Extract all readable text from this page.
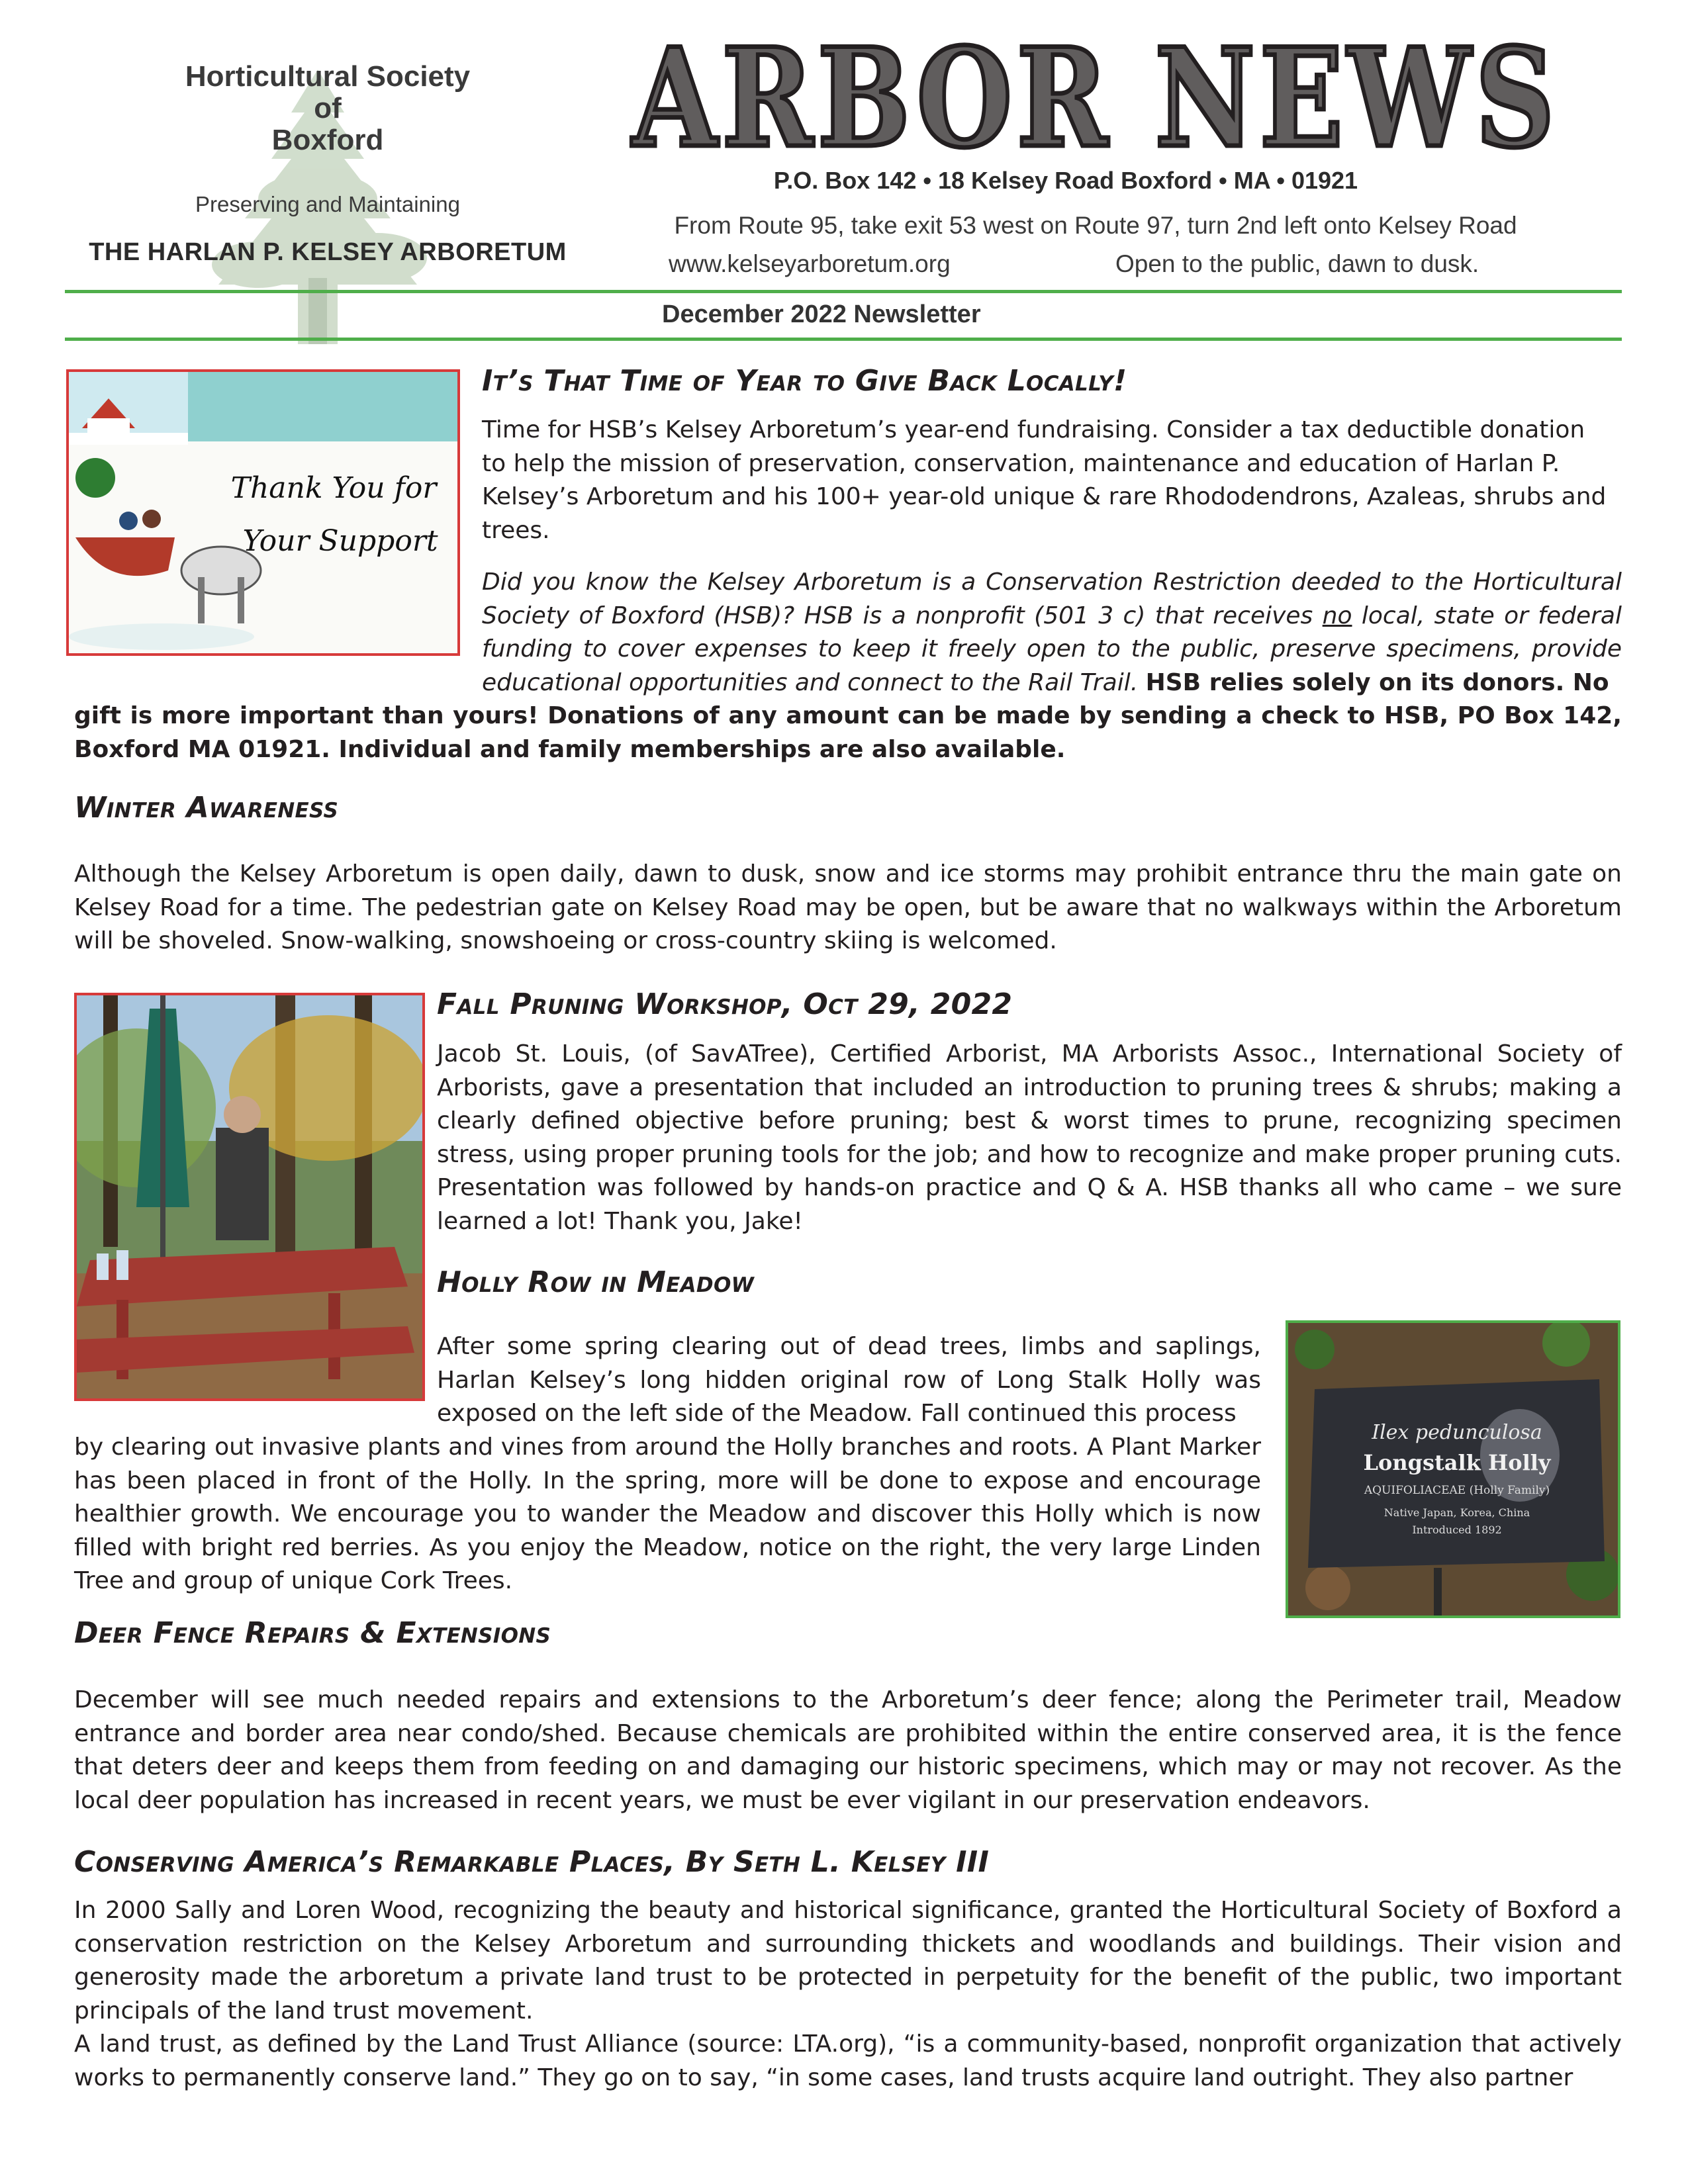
Horticultural Society
of
Boxford
Preserving and Maintaining
THE HARLAN P. KELSEY ARBORETUM
ARBOR NEWS
ARBOR NEWS
P.O. Box 142 • 18 Kelsey Road Boxford • MA • 01921
From Route 95, take exit 53 west on Route 97, turn 2nd left onto Kelsey Road
www.kelseyarboretum.org	Open to the public, dawn to dusk.
December 2022 Newsletter
Thank You for
Your Support
It’s That Time of Year to Give Back Locally!
Time for HSB’s Kelsey Arboretum’s year-end fundraising. Consider a tax deductible donation
to help the mission of preservation, conservation, maintenance and education of Harlan P.
Kelsey’s Arboretum and his 100+ year-old unique & rare Rhododendrons, Azaleas, shrubs and
trees.

Did you know the Kelsey Arboretum is a Conservation Restriction deeded to the Horticultural Society of Boxford (HSB)? HSB is a nonprofit (501 3 c) that receives no local, state or federal funding to cover expenses to keep it freely open to the public, preserve specimens, provide educational opportunities and connect to the Rail Trail. HSB relies solely on its donors. No

gift is more important than yours! Donations of any amount can be made by sending a check to HSB, PO Box 142, Boxford MA 01921. Individual and family memberships are also available.

Winter Awareness

Although the Kelsey Arboretum is open daily, dawn to dusk, snow and ice storms may prohibit entrance thru the main gate on Kelsey Road for a time. The pedestrian gate on Kelsey Road may be open, but be aware that no walkways within the Arboretum will be shoveled. Snow-walking, snowshoeing or cross-country skiing is welcomed.

Fall Pruning Workshop, Oct 29, 2022

Jacob St. Louis, (of SavATree), Certified Arborist, MA Arborists Assoc., International Society of Arborists, gave a presentation that included an introduction to pruning trees & shrubs; making a clearly defined objective before pruning; best & worst times to prune, recognizing specimen stress, using proper pruning tools for the job; and how to recognize and make proper pruning cuts. Presentation was followed by hands-on practice and Q & A. HSB thanks all who came – we sure learned a lot! Thank you, Jake!

Holly Row in Meadow

After some spring clearing out of dead trees, limbs and saplings, Harlan Kelsey’s long hidden original row of Long Stalk Holly was exposed on the left side of the Meadow. Fall continued this process

by clearing out invasive plants and vines from around the Holly branches and roots. A Plant Marker has been placed in front of the Holly. In the spring, more will be done to expose and encourage healthier growth. We encourage you to wander the Meadow and discover this Holly which is now filled with bright red berries. As you enjoy the Meadow, notice on the right, the very large Linden Tree and group of unique Cork Trees.

Ilex pedunculosa
Longstalk Holly
AQUIFOLIACEAE (Holly Family)
Native Japan, Korea, China
Introduced 1892
Deer Fence Repairs & Extensions

December will see much needed repairs and extensions to the Arboretum’s deer fence; along the Perimeter trail, Meadow entrance and border area near condo/shed. Because chemicals are prohibited within the entire conserved area, it is the fence that deters deer and keeps them from feeding on and damaging our historic specimens, which may or may not recover. As the local deer population has increased in recent years, we must be ever vigilant in our preservation endeavors.

Conserving America’s Remarkable Places, By Seth L. Kelsey III

In 2000 Sally and Loren Wood, recognizing the beauty and historical significance, granted the Horticultural Society of Boxford a conservation restriction on the Kelsey Arboretum and surrounding thickets and woodlands and buildings. Their vision and generosity made the arboretum a private land trust to be protected in perpetuity for the benefit of the public, two important principals of the land trust movement.

A land trust, as defined by the Land Trust Alliance (source: LTA.org), “is a community-based, nonprofit organization that actively works to permanently conserve land.” They go on to say, “in some cases, land trusts acquire land outright. They also partner
